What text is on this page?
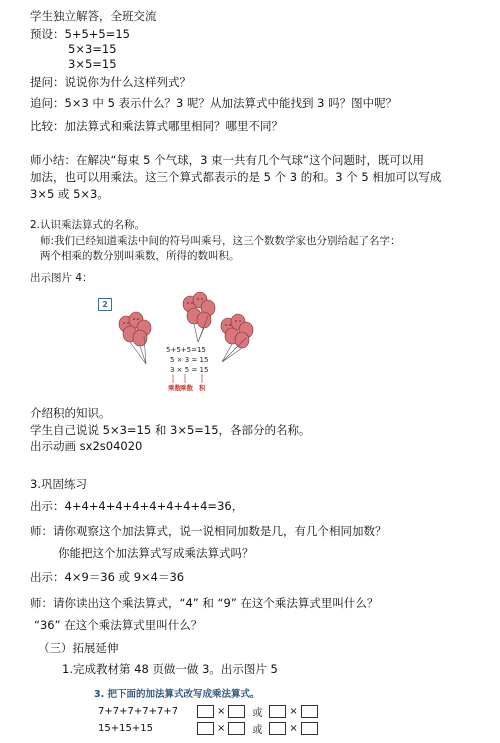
学生独立解答，全班交流
预设：5+5+5=15
5×3=15
3×5=15
提问：说说你为什么这样列式？
追问：5×3 中 5 表示什么？3 呢？从加法算式中能找到 3 吗？图中呢？
比较：加法算式和乘法算式哪里相同？哪里不同？
师小结：在解决“每束 5 个气球，3 束一共有几个气球”这个问题时，既可以用
加法，也可以用乘法。这三个算式都表示的是 5 个 3 的和。3 个 5 相加可以写成
3×5 或 5×3。
2.认识乘法算式的名称。
师:我们已经知道乘法中间的符号叫乘号，这三个数数学家也分别给起了名字：
两个相乘的数分别叫乘数，所得的数叫积。
出示图片 4：
2
5+5+5=15
5 × 3 = 15
3 × 5 = 15
乘数 乘数 积
介绍积的知识。
学生自己说说 5×3=15 和 3×5=15，各部分的名称。
出示动画 sx2s04020
3.巩固练习
出示：4+4+4+4+4+4+4+4+4=36，
师：请你观察这个加法算式，说一说相同加数是几，有几个相同加数？
你能把这个加法算式写成乘法算式吗？
出示：4×9＝36 或 9×4＝36
师：请你读出这个乘法算式，“4” 和 “9” 在这个乘法算式里叫什么？
“36” 在这个乘法算式里叫什么？
（三）拓展延伸
1.完成教材第 48 页做一做 3。出示图片 5
3. 把下面的加法算式改写成乘法算式。
7+7+7+7+7+7	×	或	×
15+15+15	×	或	×
